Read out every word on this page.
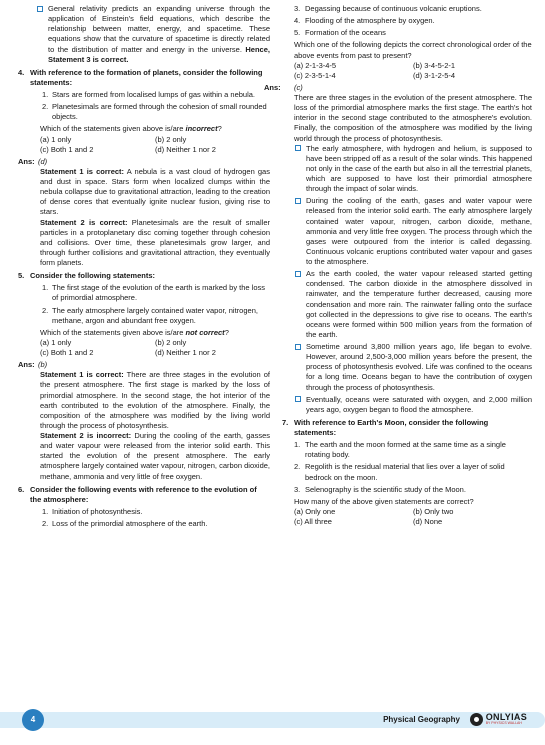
General relativity predicts an expanding universe through the application of Einstein's field equations, which describe the relationship between matter, energy, and spacetime. These equations show that the curvature of spacetime is directly related to the distribution of matter and energy in the universe. Hence, Statement 3 is correct.
4. With reference to the formation of planets, consider the following statements:
1. Stars are formed from localised lumps of gas within a nebula.
2. Planetesimals are formed through the cohesion of small rounded objects.

Which of the statements given above is/are incorrect?

(a) 1 only	(b) 2 only
(c) Both 1 and 2	(d) Neither 1 nor 2
Ans: (d)

Statement 1 is correct: A nebula is a vast cloud of hydrogen gas and dust in space. Stars form when localized clumps within the nebula collapse due to gravitational attraction, leading to the creation of dense cores that eventually ignite nuclear fusion, giving rise to stars.

Statement 2 is correct: Planetesimals are the result of smaller particles in a protoplanetary disc coming together through cohesion and collisions. Over time, these planetesimals grow larger, and through further collisions and gravitational attraction, they eventually form planets.

5. Consider the following statements:
1. The first stage of the evolution of the earth is marked by the loss of primordial atmosphere.
2. The early atmosphere largely contained water vapor, nitrogen, methane, argon and abundant free oxygen.

Which of the statements given above is/are not correct?

(a) 1 only	(b) 2 only
(c) Both 1 and 2	(d) Neither 1 nor 2
Ans: (b)

Statement 1 is correct: There are three stages in the evolution of the present atmosphere. The first stage is marked by the loss of primordial atmosphere. In the second stage, the hot interior of the earth contributed to the evolution of the atmosphere. Finally, the composition of the atmosphere was modified by the living world through the process of photosynthesis.

Statement 2 is incorrect: During the cooling of the earth, gasses and water vapour were released from the interior solid earth. This started the evolution of the present atmosphere. The early atmosphere largely contained water vapour, nitrogen, carbon dioxide, methane, ammonia and very little of free oxygen.

6. Consider the following events with reference to the evolution of the atmosphere:
1. Initiation of photosynthesis.
2. Loss of the primordial atmosphere of the earth.
3. Degassing because of continuous volcanic eruptions.
4. Flooding of the atmosphere by oxygen.
5. Formation of the oceans

Which one of the following depicts the correct chronological order of the above events from past to present?

(a) 2-1-3-4-5	(b) 3-4-5-2-1
(c) 2-3-5-1-4	(d) 3-1-2-5-4
Ans: (c)

There are three stages in the evolution of the present atmosphere. The loss of the primordial atmosphere marks the first stage. The earth's hot interior in the second stage contributed to the atmosphere's evolution. Finally, the composition of the atmosphere was modified by the living world through the process of photosynthesis.

The early atmosphere, with hydrogen and helium, is supposed to have been stripped off as a result of the solar winds. This happened not only in the case of the earth but also in all the terrestrial planets, which are supposed to have lost their primordial atmosphere through the impact of solar winds.
During the cooling of the earth, gases and water vapour were released from the interior solid earth. The early atmosphere largely contained water vapour, nitrogen, carbon dioxide, methane, ammonia and very little free oxygen. The process through which the gases were outpoured from the interior is called degassing. Continuous volcanic eruptions contributed water vapour and gases to the atmosphere.
As the earth cooled, the water vapour released started getting condensed. The carbon dioxide in the atmosphere dissolved in rainwater, and the temperature further decreased, causing more condensation and more rain. The rainwater falling onto the surface got collected in the depressions to give rise to oceans. The earth's oceans were formed within 500 million years from the formation of the earth.
Sometime around 3,800 million years ago, life began to evolve. However, around 2,500-3,000 million years before the present, the process of photosynthesis evolved. Life was confined to the oceans for a long time. Oceans began to have the contribution of oxygen through the process of photosynthesis.
Eventually, oceans were saturated with oxygen, and 2,000 million years ago, oxygen began to flood the atmosphere.
7. With reference to Earth's Moon, consider the following statements:
1. The earth and the moon formed at the same time as a single rotating body.
2. Regolith is the residual material that lies over a layer of solid bedrock on the moon.
3. Selenography is the scientific study of the Moon.

How many of the above given statements are correct?

(a) Only one	(b) Only two
(c) All three	(d) None
4	Physical Geography	ONLYIAS
BY PHYSICS WALLAH
